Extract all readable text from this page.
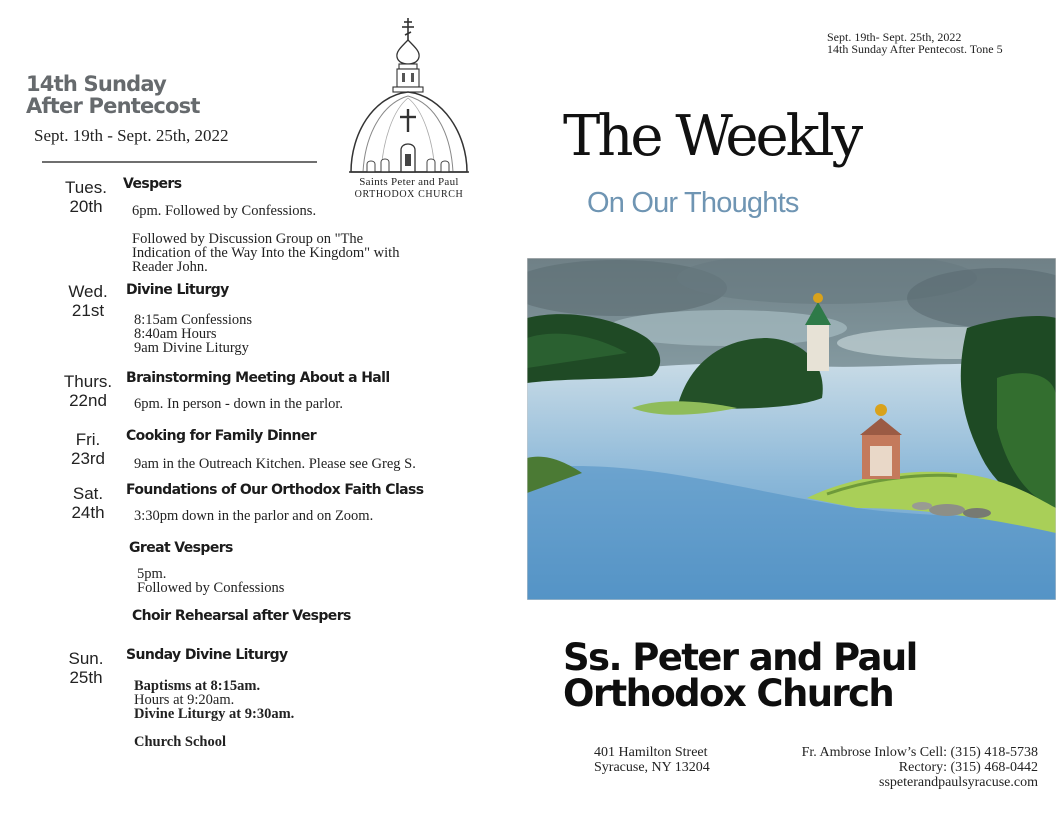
14th Sunday
After Pentecost
Sept. 19th - Sept. 25th, 2022
Saints Peter and Paul
ORTHODOX CHURCH
Tues.
20th
Vespers
6pm. Followed by Confessions.
Followed by Discussion Group on "The
Indication of the Way Into the Kingdom" with
Reader John.
Wed.
21st
Divine Liturgy
8:15am Confessions
8:40am Hours
9am Divine Liturgy
Thurs.
22nd
Brainstorming Meeting About a Hall
6pm. In person - down in the parlor.
Fri.
23rd
Cooking for Family Dinner
9am in the Outreach Kitchen. Please see Greg S.
Sat.
24th
Foundations of Our Orthodox Faith Class
3:30pm down in the parlor and on Zoom.
Great Vespers
5pm.
Followed by Confessions
Choir Rehearsal after Vespers
Sun.
25th
Sunday Divine Liturgy
Baptisms at 8:15am.
Hours at 9:20am.
Divine Liturgy at 9:30am.
Church School
Sept. 19th- Sept. 25th, 2022
14th Sunday After Pentecost. Tone 5
The Weekly
On Our Thoughts
Ss. Peter and Paul
Orthodox Church
401 Hamilton Street
Syracuse, NY 13204
Fr. Ambrose Inlow’s Cell: (315) 418-5738
Rectory: (315) 468-0442
sspeterandpaulsyracuse.com
